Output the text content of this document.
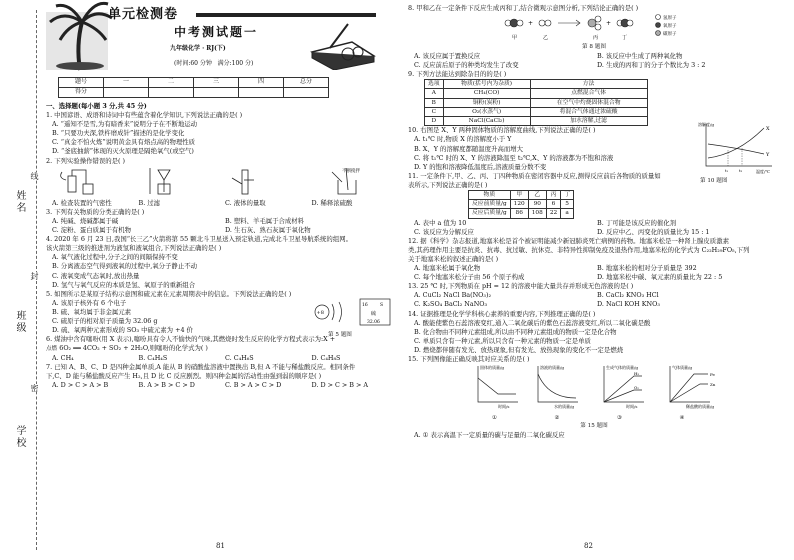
姓名
班级
学校
线
封
密
单元检测卷
中考测试题一
九年级化学 · RJ(下)
(时间:60 分钟 满分:100 分)
题号	一	二	三	四	总分
得分					

一、选择题(每小题 3 分,共 45 分)

1. 中国谚语、成语和诗词中有些蕴含着化学知识,下列说法正确的是( )

A. “遥知不是雪,为有暗香来”说明分子在不断地运动

B. “只要功夫深,铁杵磨成针”描述的是化学变化

C. “真金不怕火炼”说明黄金具有熔点高的物理性质

D. “釜底抽薪”体现的灭火原理是隔绝氧气(或空气)

2. 下列实验操作错误的是( )

不断搅拌
A. 检查装置的气密性	B. 过滤	C. 液体的量取	D. 稀释浓硫酸

3. 下列有关物质的分类正确的是( )

A. 纯碱、烧碱都属于碱	B. 塑料、羊毛属于合成材料
C. 淀粉、蛋白质属于有机物	D. 生石灰、熟石灰属于氧化物

4. 2020 年 6 月 23 日,我国“长三乙”火箭将第 55 颗北斗卫星送入预定轨道,完成北斗卫星导航系统的组网。

该火箭第三级的推进剂为液氢和液氧组合,下列说法正确的是( )

A. 氧气液化过程中,分子之间的间隔保持不变

B. 分离液态空气得到液氧的过程中,氧分子静止不动

C. 液氧变成气态氧时,放出热量

D. 氢气与氧气反应的本质是氢、氧原子的重新组合

5. 如图所示是某原子结构示意图和硫元素在元素周期表中的信息。下列说法正确的是( )

A. 该原子核外有 6 个电子

B. 硫、氧均属于非金属元素

C. 硫原子的相对原子质量为 32.06 g

D. 硫、氧两种元素形成的 SO₃ 中硫元素为 +4 价

+8
16	S
硫
32.06
第 5 题图

6. 煤油中含有噻吩(用 X 表示),噻吩具有令人不愉快的气味,其燃烧时发生反应的化学方程式表示为:X +

点燃 6O₂ ══ 4CO₂ + SO₂ + 2H₂O,则噻吩的化学式为( )

A. CH₄	B. C₄H₄S	C. C₄H₆S	D. C₄H₈S

7. 已知 A、B、C、D 是四种金属单质,A 能从 B 的硝酸盐溶液中置换出 B,但 A 不能与稀盐酸反应。相同条件

下,C、D 能与稀盐酸反应产生 H₂,且 D 比 C 反应剧烈。则四种金属的活动性由强到弱的顺序是( )

A. D > C > A > B	B. A > B > C > D	C. B > A > C > D	D. D > C > B > A
81

8. 甲和乙在一定条件下反应生成丙和丁,结合微观示意图分析,下列结论正确的是( )

+	+
甲	乙	丙	丁
氢原子
氧原子
碳原子
第 8 题图
A. 该反应属于置换反应	B. 该反应中生成了两种氧化物
C. 反应前后原子的种类均发生了改变	D. 生成的丙和丁的分子个数比为 3 : 2

9. 下列方法能达到除杂目的的是( )

选项	物质(括号内为杂质)	方法
A	CH₄(CO)	点燃混合气体
B	铜粉(炭粉)	在空气中灼烧固体混合物
C	O₂(水蒸气)	将混合气体通过浓硫酸
D	NaCl(CaCl₂)	加水溶解,过滤

10. 右图是 X、Y 两种固体物质的溶解度曲线,下列说法正确的是( )

A. t₁℃ 时,物质 X 的溶解度小于 Y

B. X、Y 的溶解度都随温度升高而增大

C. 将 t₁℃ 时的 X、Y 的溶液降温至 t₂℃,X、Y 的溶液都为不饱和溶液

D. Y 的饱和溶液降低温度后,溶液质量分数不变

溶解度/g
温度/℃
X
Y
t₁	t₂
第 10 题图

11. 一定条件下,甲、乙、丙、丁四种物质在密闭容器中反应,测得反应前后各物质的质量如

表所示,下列说法正确的是( )

物质	甲	乙	丙	丁
反应前质量/g	120	90	6	5
反应后质量/g	86	108	22	a
A. 表中 a 值为 10	B. 丁可能是该反应的催化剂
C. 该反应为分解反应	D. 反应中乙、丙变化的质量比为 15 : 1

12. 据《科学》杂志报道,地塞米松是首个被证明能减少新冠肺炎死亡病例的药物。地塞米松是一种肾上腺皮质激素

类,其药理作用主要是抗炎、抗毒、抗过敏、抗休克、非特异性抑制免疫及退热作用,地塞米松的化学式为 C₂₂H₂₉FO₅,下列

关于地塞米松的叙述正确的是( )

A. 地塞米松属于氧化物	B. 地塞米松的相对分子质量是 392
C. 每个地塞米松分子由 56 个原子构成	D. 地塞米松中碳、氧元素的质量比为 22 : 5

13. 25 ℃ 时,下列物质在 pH = 12 的溶液中能大量共存并形成无色溶液的是( )

A. CuCl₂ NaCl Ba(NO₃)₂	B. CaCl₂ KNO₃ HCl
C. K₂SO₄ BaCl₂ NaNO₃	D. NaCl KOH KNO₃

14. 证据推理是化学学科核心素养的重要内容,下列推理正确的是( )

A. 酸能使紫色石蕊溶液变红,通入二氧化碳后的紫色石蕊溶液变红,所以二氧化碳是酸

B. 化合物由不同种元素组成,所以由不同种元素组成的物质一定是化合物

C. 单质只含有一种元素,所以只含有一种元素的物质一定是单质

D. 燃烧都伴随有发光、放热现象,但有发光、放热现象的变化不一定是燃烧

15. 下列图像能正确反映其对应关系的是( )

固体的质量/g
时间/s
溶液的质量/g
水的质量/g
生成气体的质量/g
时间/s
气体质量/g
稀盐酸的质量/g
H₂
O₂
Fe
Zn
①	②	③	④
第 15 题图

A. ① 表示高温下一定质量的碳与足量的二氧化碳反应

82
